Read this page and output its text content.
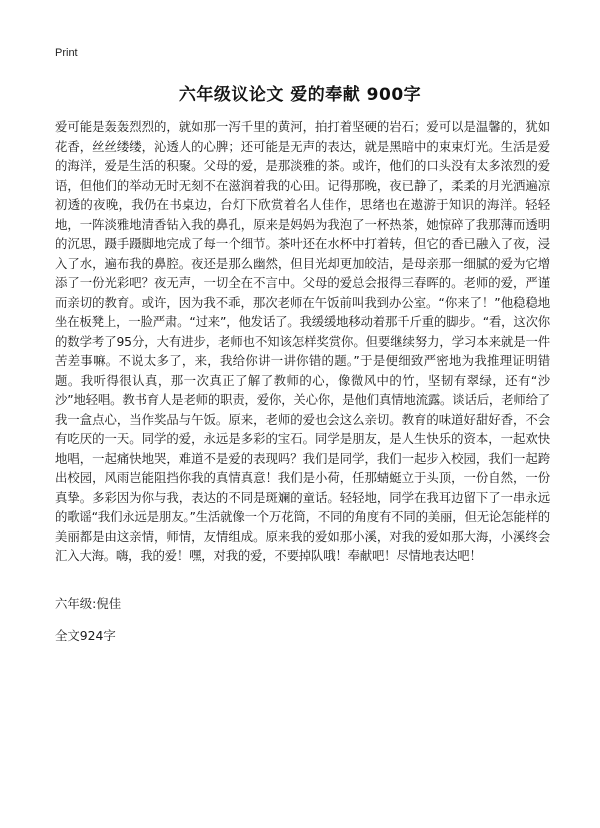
Print
六年级议论文 爱的奉献 900字

爱可能是轰轰烈烈的，就如那一泻千里的黄河，拍打着坚硬的岩石；爱可以是温馨的，犹如花香，丝丝缕缕，沁透人的心脾；还可能是无声的表达，就是黑暗中的束束灯光。生活是爱的海洋，爱是生活的积聚。父母的爱，是那淡雅的茶。或许，他们的口头没有太多浓烈的爱语，但他们的举动无时无刻不在滋润着我的心田。记得那晚，夜已静了，柔柔的月光洒遍凉初透的夜晚，我仍在书桌边，台灯下欣赏着名人佳作，思绪也在遨游于知识的海洋。轻轻地，一阵淡雅地清香钻入我的鼻孔，原来是妈妈为我泡了一杯热茶，她惊碎了我那薄而透明的沉思，蹑手蹑脚地完成了每一个细节。茶叶还在水杯中打着转，但它的香已融入了夜，浸入了水，遍布我的鼻腔。夜还是那么幽然，但目光却更加皎洁，是母亲那一细腻的爱为它增添了一份光彩吧？夜无声，一切全在不言中。父母的爱总会报得三春晖的。老师的爱，严谨而亲切的教育。或许，因为我不乖，那次老师在午饭前叫我到办公室。“你来了！”他稳稳地坐在板凳上，一脸严肃。“过来”，他发话了。我缓缓地移动着那千斤重的脚步。“看，这次你的数学考了95分，大有进步，老师也不知该怎样奖赏你。但要继续努力，学习本来就是一件苦差事嘛。不说太多了，来，我给你讲一讲你错的题。”于是便细致严密地为我推理证明错题。我听得很认真，那一次真正了解了教师的心，像微风中的竹，坚韧有翠绿，还有“沙沙”地轻唱。教书育人是老师的职责，爱你，关心你，是他们真情地流露。谈话后，老师给了我一盒点心，当作奖品与午饭。原来，老师的爱也会这么亲切。教育的味道好甜好香，不会有吃厌的一天。同学的爱，永远是多彩的宝石。同学是朋友，是人生快乐的资本，一起欢快地唱，一起痛快地哭，难道不是爱的表现吗？我们是同学，我们一起步入校园，我们一起跨出校园，风雨岂能阻挡你我的真情真意！我们是小荷，任那蜻蜓立于头顶，一份自然，一份真挚。多彩因为你与我，表达的不同是斑斓的童话。轻轻地，同学在我耳边留下了一串永远的歌谣“我们永远是朋友。”生活就像一个万花筒，不同的角度有不同的美丽，但无论怎能样的美丽都是由这亲情，师情，友情组成。原来我的爱如那小溪，对我的爱如那大海，小溪终会汇入大海。嗨，我的爱！嘿，对我的爱，不要掉队哦！奉献吧！尽情地表达吧！

六年级:倪佳
全文924字
